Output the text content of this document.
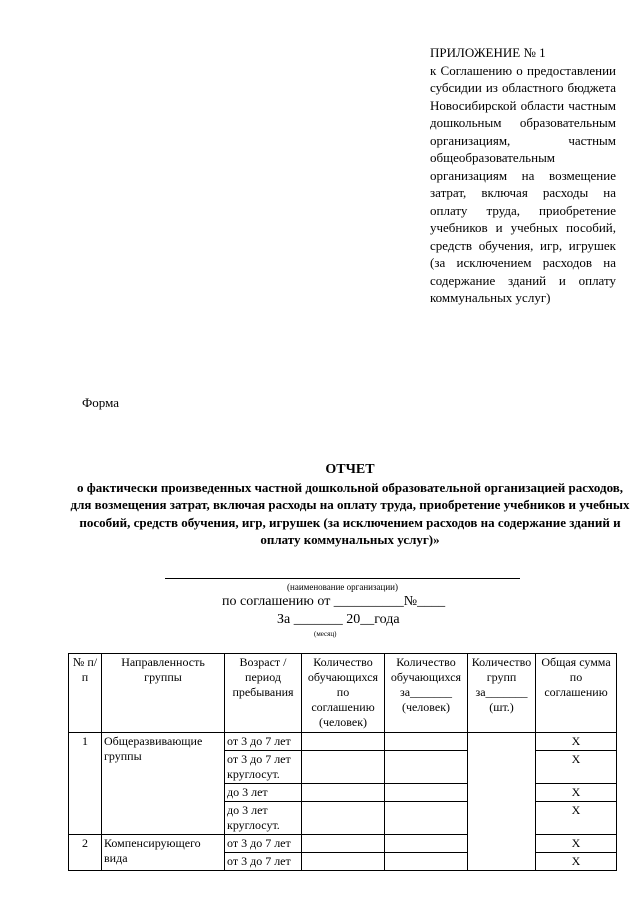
ПРИЛОЖЕНИЕ № 1
к Соглашению о предоставлении субсидии из областного бюджета Новосибирской области частным дошкольным образовательным организациям, частным общеобразовательным организациям на возмещение затрат, включая расходы на оплату труда, приобретение учебников и учебных пособий, средств обучения, игр, игрушек (за исключением расходов на содержание зданий и оплату коммунальных услуг)
Форма
ОТЧЕТ
о фактически произведенных частной дошкольной образовательной организацией расходов, для возмещения затрат, включая расходы на оплату труда, приобретение учебников и учебных пособий, средств обучения, игр, игрушек (за исключением расходов на содержание зданий и оплату коммунальных услуг)»
(наименование организации)
по соглашению от __________№____
За _______ 20__года
(месяц)
№ п/п	Направленность группы	Возраст /период пребывания	Количество обучающихся по соглашению (человек)	Количество обучающихся за_______ (человек)	Количество групп за_______ (шт.)	Общая сумма по соглашению
1	Общеразвивающие группы	от 3 до 7 лет				Х
		от 3 до 7 лет круглосут.				Х
		до 3 лет				Х
		до 3 лет круглосут.				Х
2	Компенсирующего вида	от 3 до 7 лет				Х
		от 3 до 7 лет				Х
